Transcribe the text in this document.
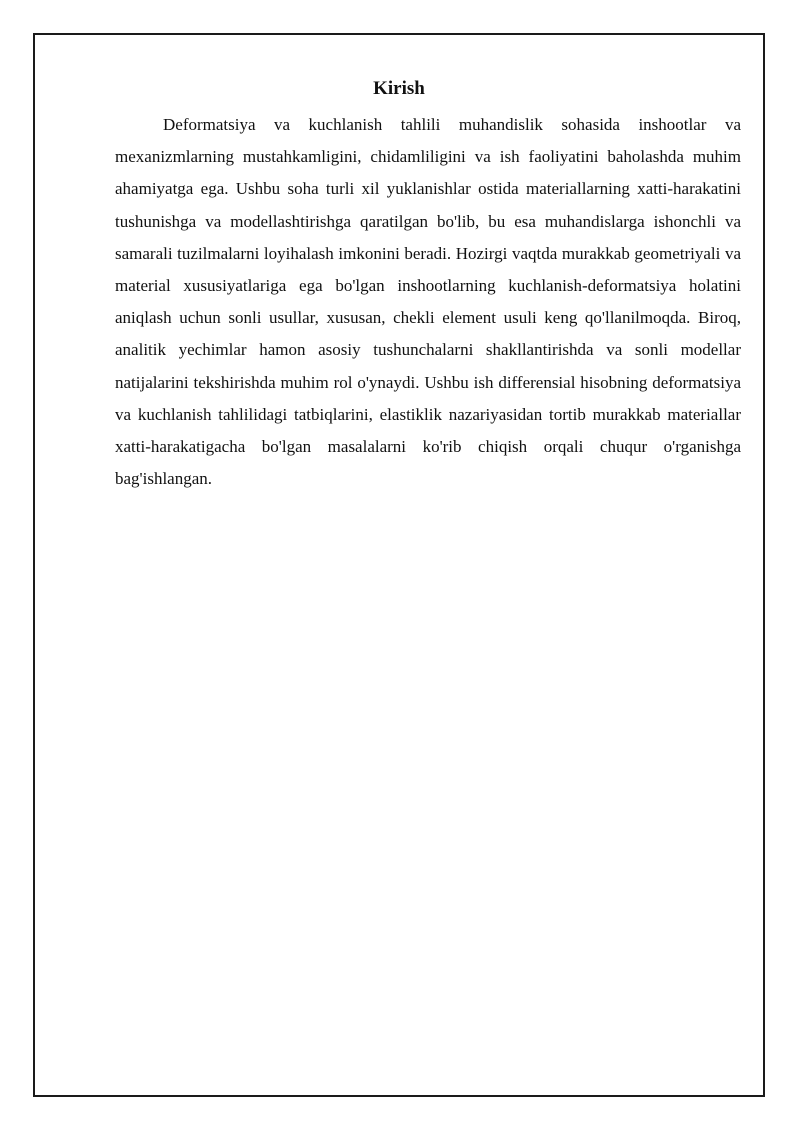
Kirish

Deformatsiya va kuchlanish tahlili muhandislik sohasida inshootlar va mexanizmlarning mustahkamligini, chidamliligini va ish faoliyatini baholashda muhim ahamiyatga ega. Ushbu soha turli xil yuklanishlar ostida materiallarning xatti-harakatini tushunishga va modellashtirishga qaratilgan bo'lib, bu esa muhandislarga ishonchli va samarali tuzilmalarni loyihalash imkonini beradi. Hozirgi vaqtda murakkab geometriyali va material xususiyatlariga ega bo'lgan inshootlarning kuchlanish-deformatsiya holatini aniqlash uchun sonli usullar, xususan, chekli element usuli keng qo'llanilmoqda. Biroq, analitik yechimlar hamon asosiy tushunchalarni shakllantirishda va sonli modellar natijalarini tekshirishda muhim rol o'ynaydi. Ushbu ish differensial hisobning deformatsiya va kuchlanish tahlilidagi tatbiqlarini, elastiklik nazariyasidan tortib murakkab materiallar xatti-harakatigacha bo'lgan masalalarni ko'rib chiqish orqali chuqur o'rganishga bag'ishlangan.
